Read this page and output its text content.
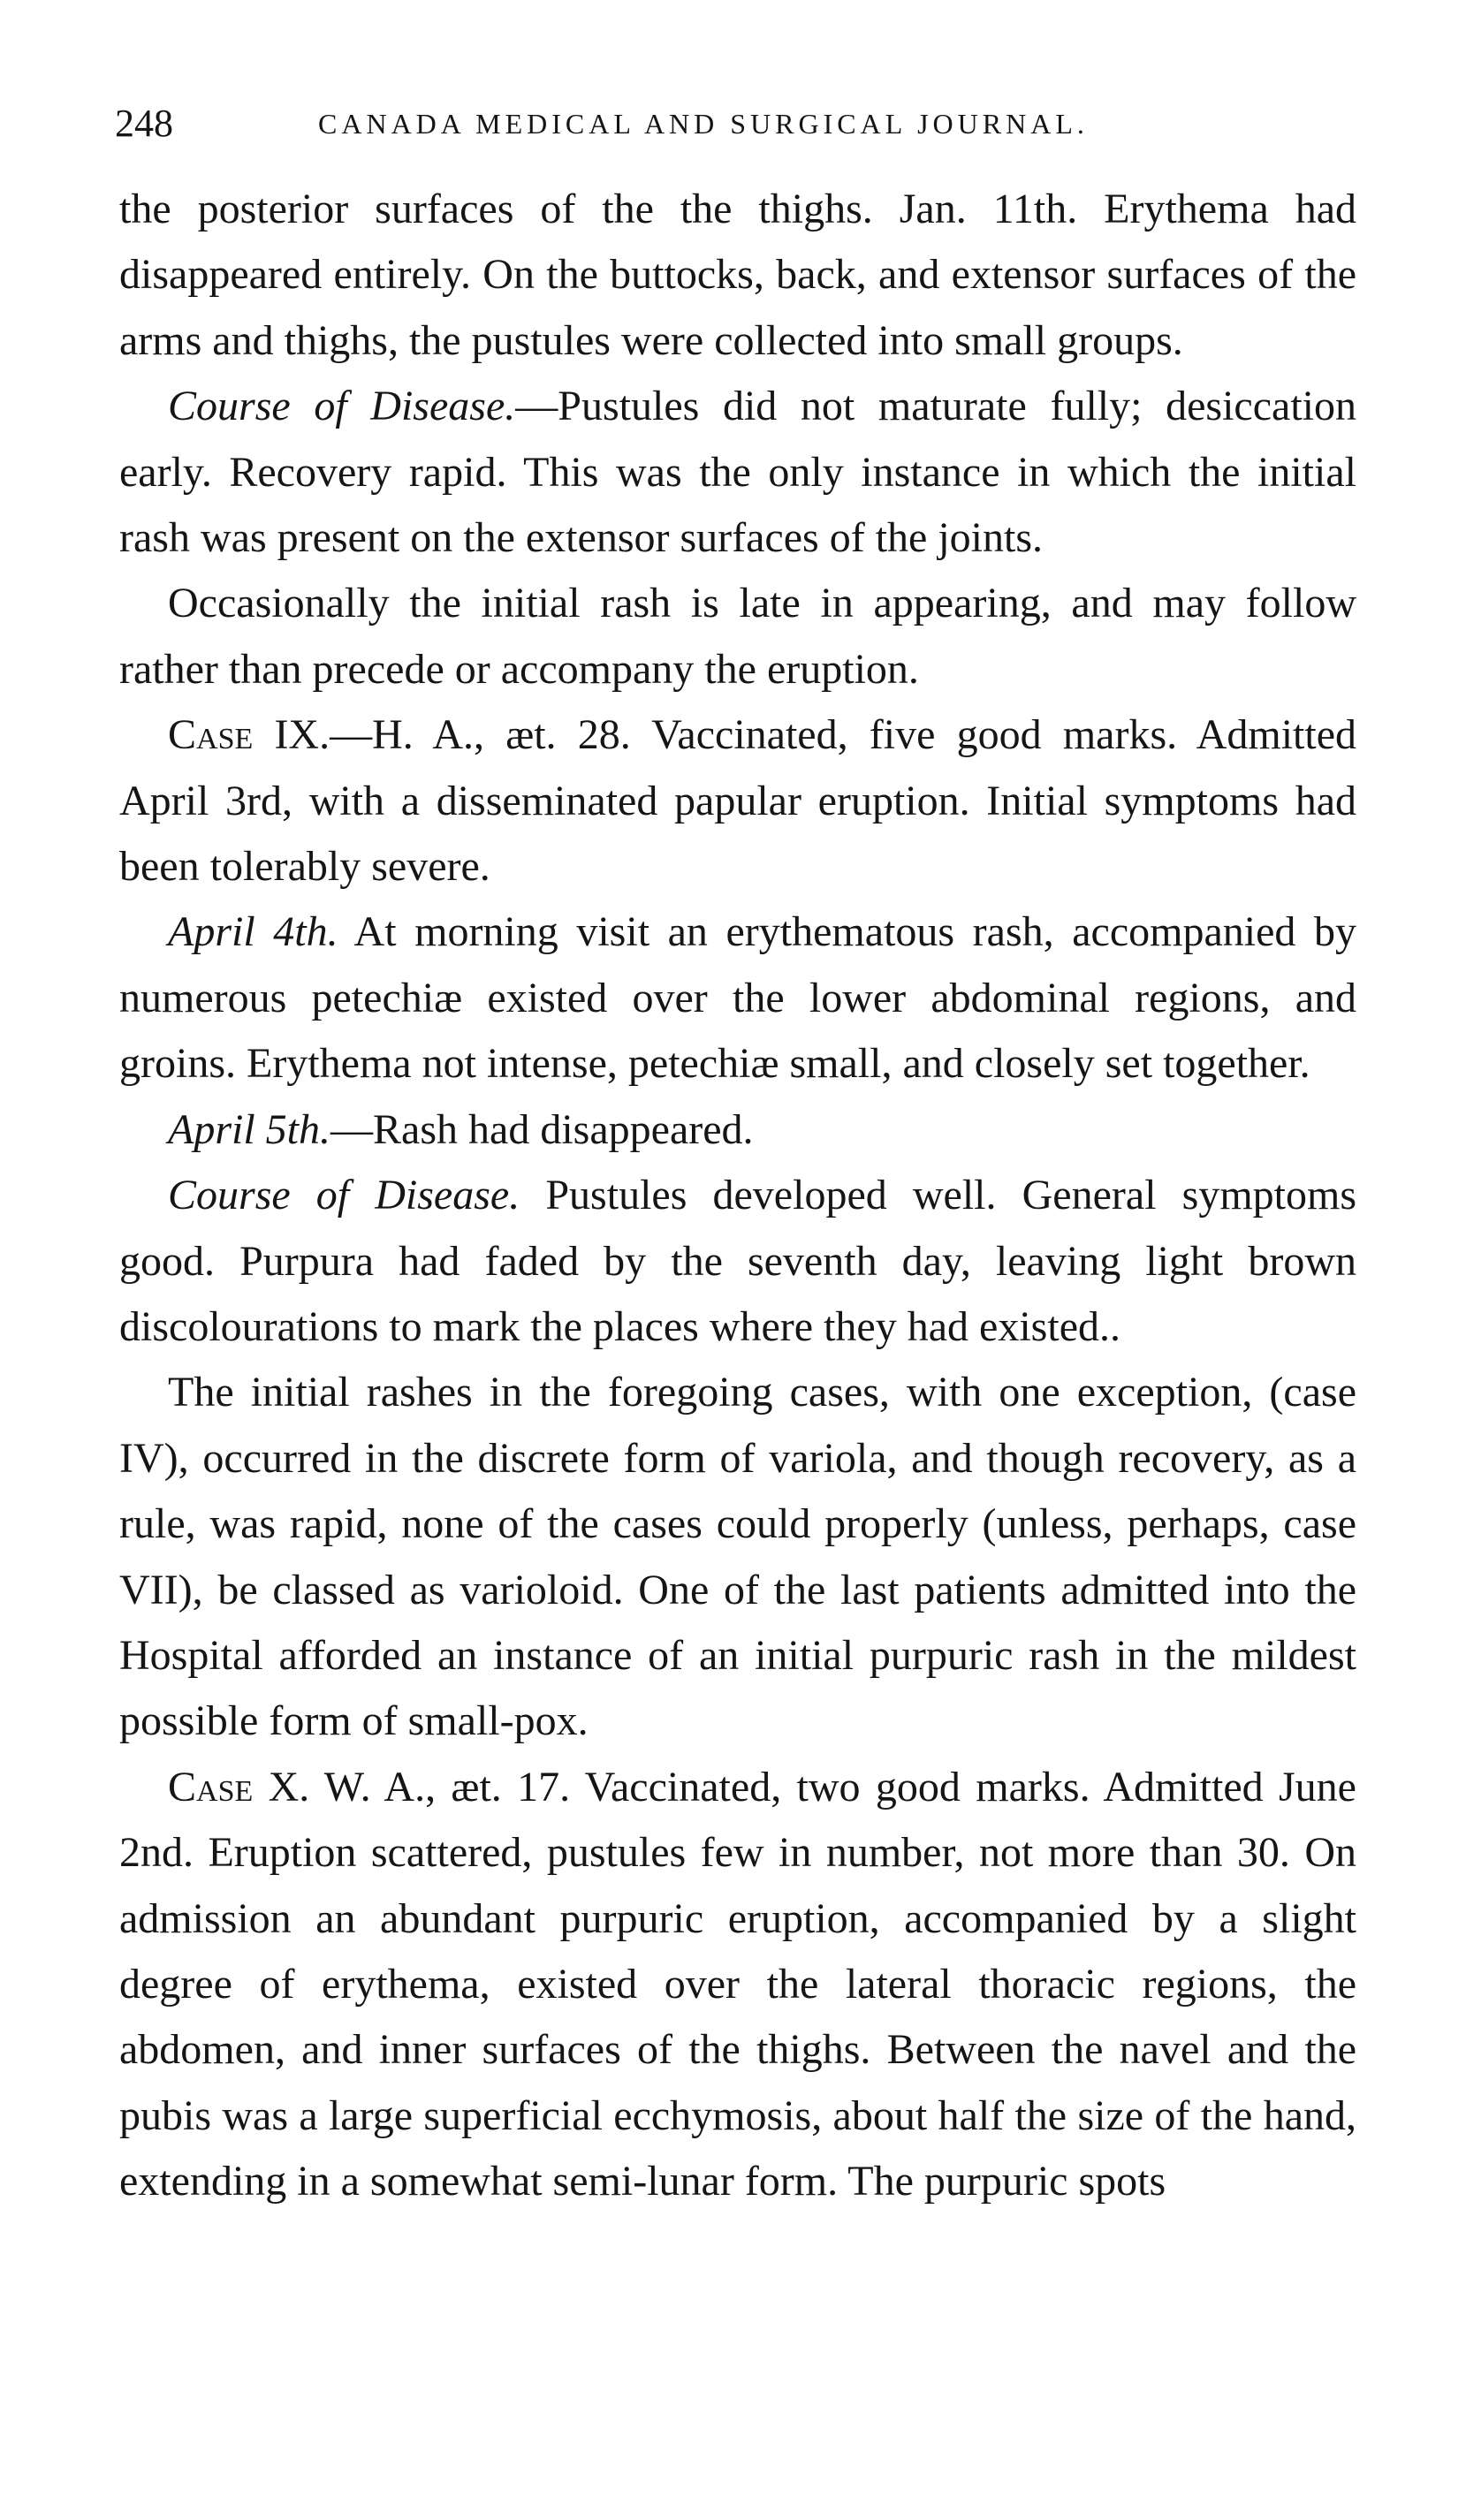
248	CANADA MEDICAL AND SURGICAL JOURNAL.

the posterior surfaces of the the thighs. Jan. 11th. Erythema had disappeared entirely. On the buttocks, back, and extensor surfaces of the arms and thighs, the pustules were collected into small groups.

Course of Disease.—Pustules did not maturate fully; desiccation early. Recovery rapid. This was the only instance in which the initial rash was present on the extensor surfaces of the joints.

Occasionally the initial rash is late in appearing, and may follow rather than precede or accompany the eruption.

Case IX.—H. A., æt. 28. Vaccinated, five good marks. Admitted April 3rd, with a disseminated papular eruption. Initial symptoms had been tolerably severe.

April 4th. At morning visit an erythematous rash, accompanied by numerous petechiæ existed over the lower abdominal regions, and groins. Erythema not intense, petechiæ small, and closely set together.

April 5th.—Rash had disappeared.

Course of Disease. Pustules developed well. General symptoms good. Purpura had faded by the seventh day, leaving light brown discolourations to mark the places where they had existed..

The initial rashes in the foregoing cases, with one exception, (case IV), occurred in the discrete form of variola, and though recovery, as a rule, was rapid, none of the cases could properly (unless, perhaps, case VII), be classed as varioloid. One of the last patients admitted into the Hospital afforded an instance of an initial purpuric rash in the mildest possible form of small-pox.

Case X. W. A., æt. 17. Vaccinated, two good marks. Admitted June 2nd. Eruption scattered, pustules few in number, not more than 30. On admission an abundant purpuric eruption, accompanied by a slight degree of erythema, existed over the lateral thoracic regions, the abdomen, and inner surfaces of the thighs. Between the navel and the pubis was a large superficial ecchymosis, about half the size of the hand, extending in a somewhat semi-lunar form. The purpuric spots
